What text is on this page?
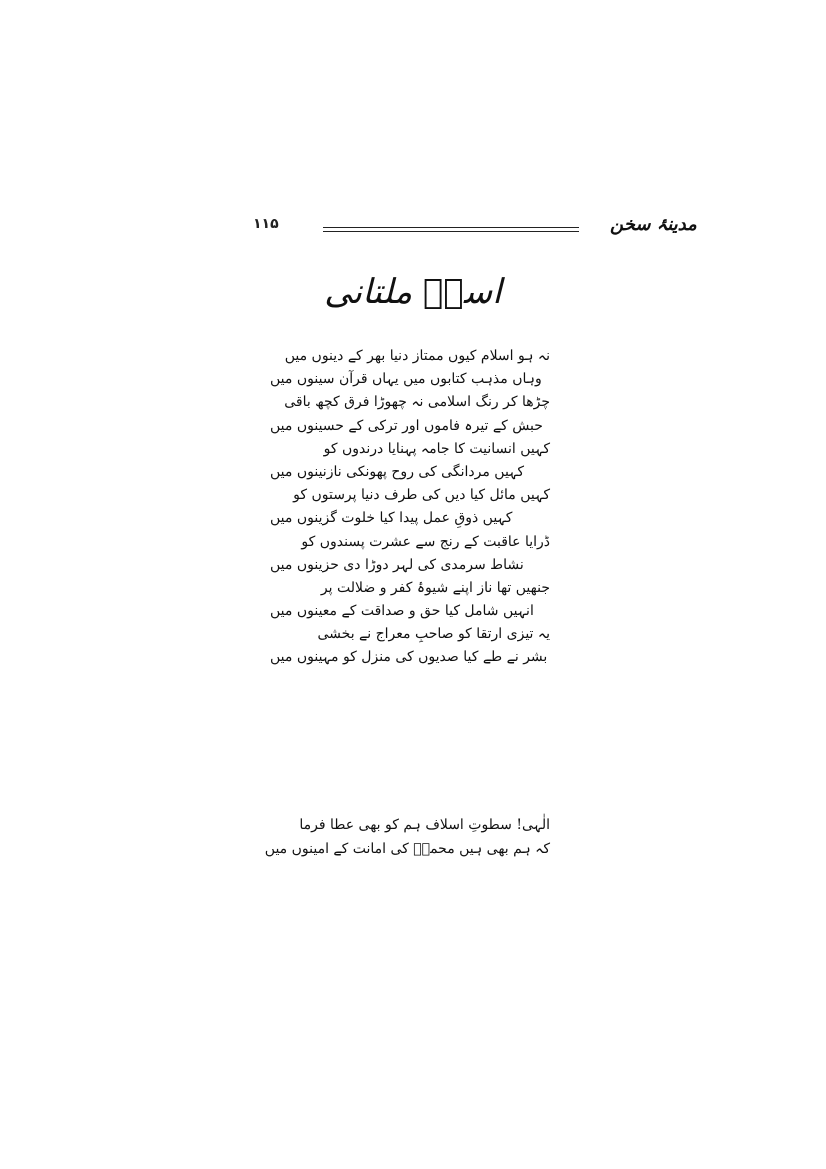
۱۱۵	مدینۂ سخن
اسدؔ ملتانی

نہ ہو اسلام کیوں ممتاز دنیا بھر کے دینوں میں

وہاں مذہب کتابوں میں یہاں قرآن سینوں میں

چڑھا کر رنگ اسلامی نہ چھوڑا فرق کچھ باقی

حبش کے تیرہ فاموں اور ترکی کے حسینوں میں

کہیں انسانیت کا جامہ پہنایا درندوں کو

کہیں مردانگی کی روح پھونکی نازنینوں میں

کہیں مائل کیا دیں کی طرف دنیا پرستوں کو

کہیں ذوقِ عمل پیدا کیا خلوت گزینوں میں

ڈرایا عاقبت کے رنج سے عشرت پسندوں کو

نشاط سرمدی کی لہر دوڑا دی حزینوں میں

جنھیں تھا ناز اپنے شیوۂ کفر و ضلالت پر

انہیں شامل کیا حق و صداقت کے معینوں میں

یہ تیزی ارتقا کو صاحبِ معراج نے بخشی

بشر نے طے کیا صدیوں کی منزل کو مہینوں میں

الٰہی! سطوتِ اسلاف ہم کو بھی عطا فرما

کہ ہم بھی ہیں محمدؐ کی امانت کے امینوں میں
